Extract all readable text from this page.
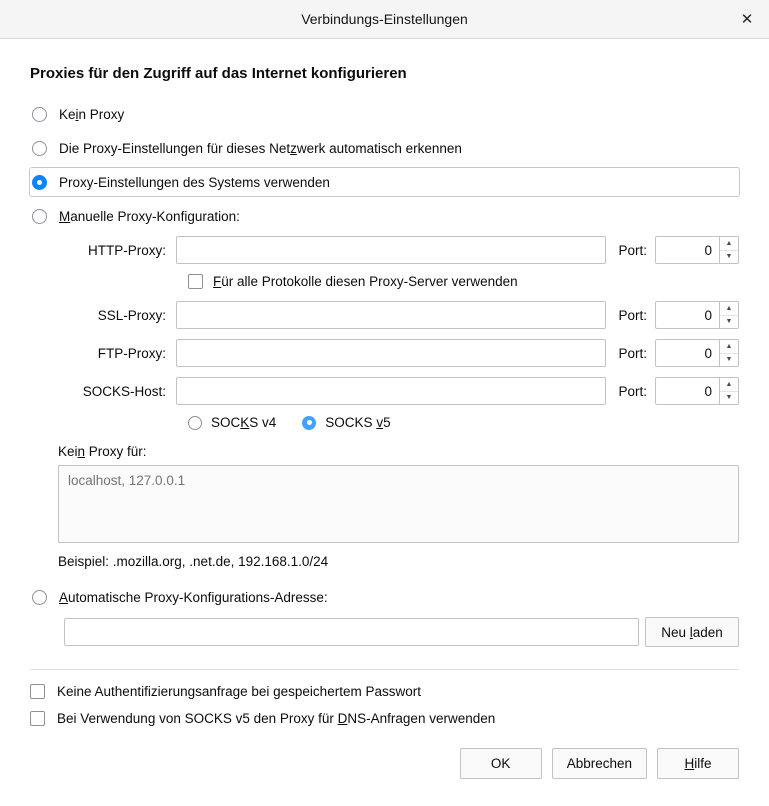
Verbindungs-Einstellungen	✕
Proxies für den Zugriff auf das Internet konfigurieren
Kein Proxy
Die Proxy-Einstellungen für dieses Netzwerk automatisch erkennen
Proxy-Einstellungen des Systems verwenden
Manuelle Proxy-Konfiguration:
HTTP-Proxy:	Port:
0	▲
▼
Für alle Protokolle diesen Proxy-Server verwenden
SSL-Proxy:	Port:
0	▲
▼
FTP-Proxy:	Port:
0	▲
▼
SOCKS-Host:	Port:
0	▲
▼
SOCKS v4	SOCKS v5
Kein Proxy für:
localhost, 127.0.0.1
Beispiel: .mozilla.org, .net.de, 192.168.1.0/24
Automatische Proxy-Konfigurations-Adresse:
Neu laden
Keine Authentifizierungsanfrage bei gespeichertem Passwort
Bei Verwendung von SOCKS v5 den Proxy für DNS-Anfragen verwenden
OK	Abbrechen	Hilfe
